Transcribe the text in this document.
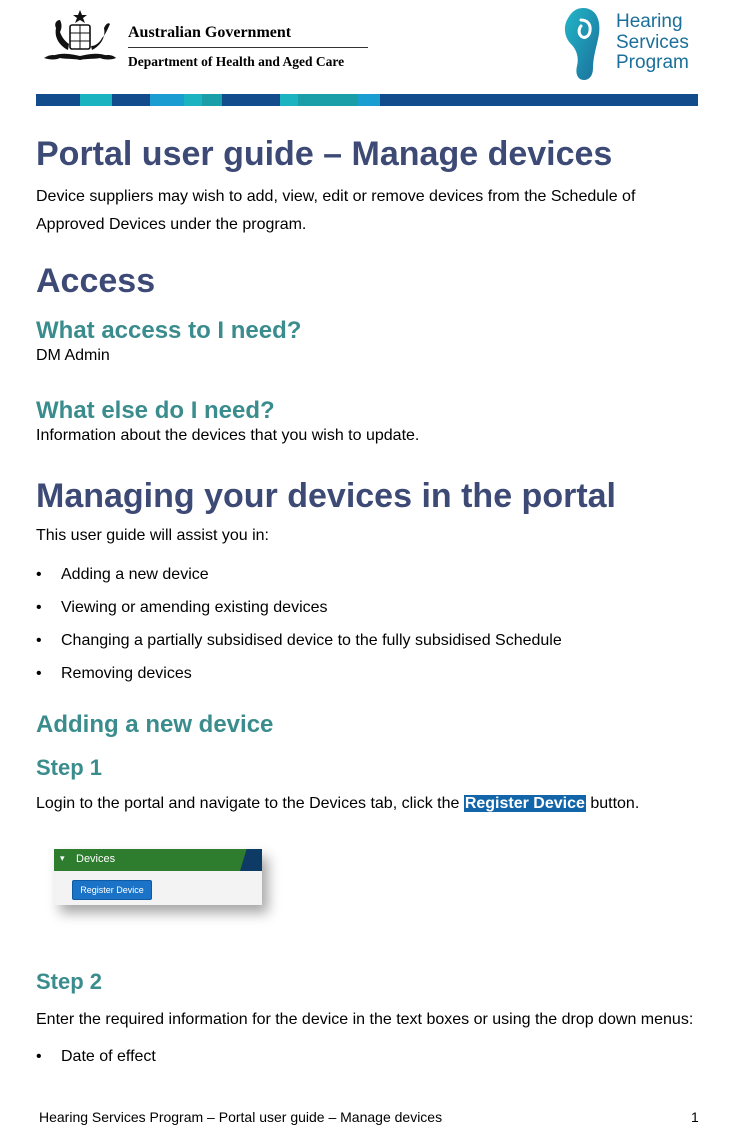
Australian Government
Department of Health and Aged Care
Hearing
Services
Program
Portal user guide – Manage devices
Device suppliers may wish to add, view, edit or remove devices from the Schedule of
Approved Devices under the program.
Access
What access to I need?
DM Admin
What else do I need?
Information about the devices that you wish to update.
Managing your devices in the portal
This user guide will assist you in:
• Adding a new device
• Viewing or amending existing devices
• Changing a partially subsidised device to the fully subsidised Schedule
• Removing devices
Adding a new device
Step 1
Login to the portal and navigate to the Devices tab, click the Register Device button.
▾ Devices
Register Device
Step 2
Enter the required information for the device in the text boxes or using the drop down menus:
• Date of effect
Hearing Services Program – Portal user guide – Manage devices	1
